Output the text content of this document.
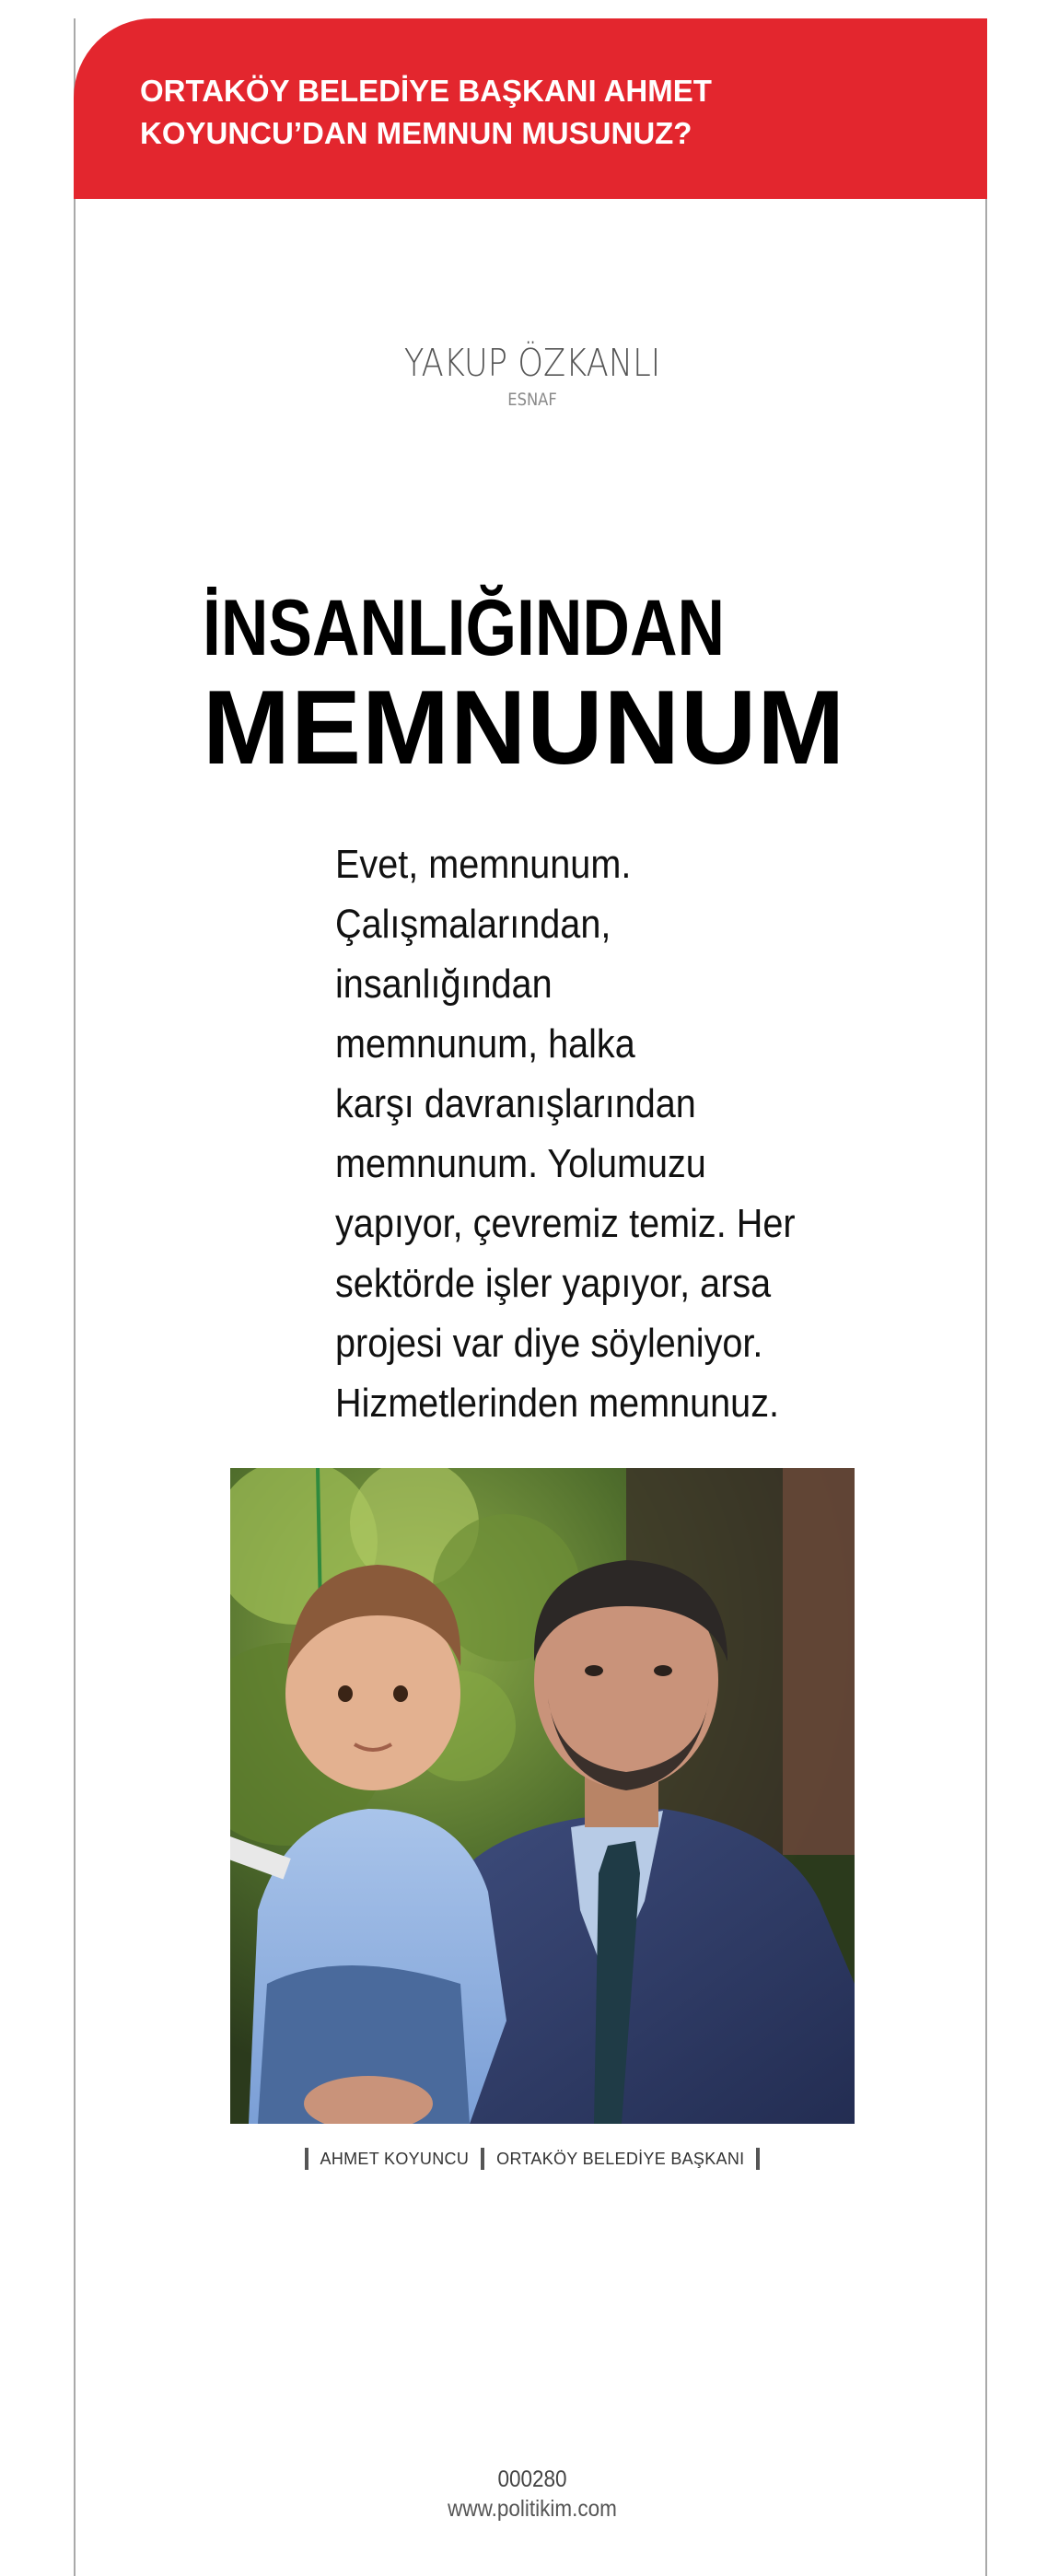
ORTAKÖY BELEDİYE BAŞKANI AHMET
KOYUNCU’DAN MEMNUN MUSUNUZ?
YAKUP ÖZKANLI
ESNAF
İNSANLIĞINDAN
MEMNUNUM
Evet, memnunum.
Çalışmalarından,
insanlığından
memnunum, halka
karşı davranışlarından
memnunum. Yolumuzu
yapıyor, çevremiz temiz. Her
sektörde işler yapıyor, arsa
projesi var diye söyleniyor.
Hizmetlerinden memnunuz.
AHMET KOYUNCU ORTAKÖY BELEDİYE BAŞKANI
000280
www.politikim.com
